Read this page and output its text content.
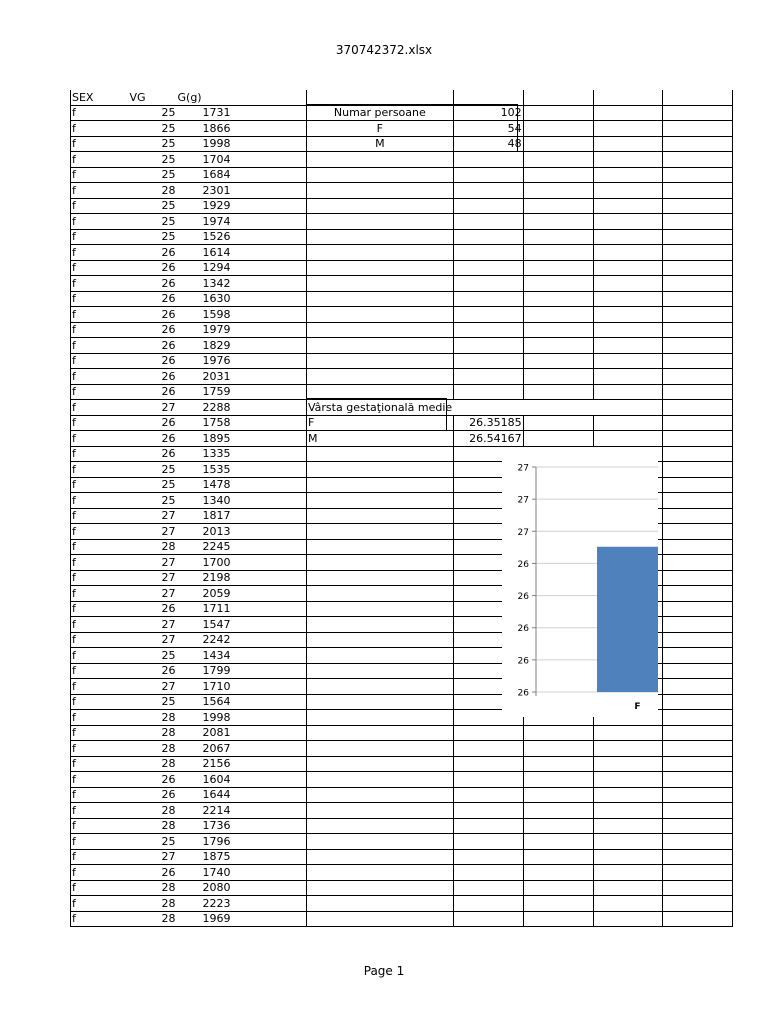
370742372.xlsx
SEX	VG	G(g)						
f	25	1731		Numar persoane	102			
f	25	1866		F	54			
f	25	1998		M	48			
f	25	1704						
f	25	1684						
f	28	2301						
f	25	1929						
f	25	1974						
f	25	1526						
f	26	1614						
f	26	1294						
f	26	1342						
f	26	1630						
f	26	1598						
f	26	1979						
f	26	1829						
f	26	1976						
f	26	2031						
f	26	1759						
f	27	2288		Vârsta gestaţională medie				
f	26	1758		F	26.35185			
f	26	1895		M	26.54167			
f	26	1335						
f	25	1535						
f	25	1478						
f	25	1340						
f	27	1817						
f	27	2013						
f	28	2245						
f	27	1700						
f	27	2198						
f	27	2059						
f	26	1711						
f	27	1547						
f	27	2242						
f	25	1434						
f	26	1799						
f	27	1710						
f	25	1564						
f	28	1998						
f	28	2081						
f	28	2067						
f	28	2156						
f	26	1604						
f	26	1644						
f	28	2214						
f	28	1736						
f	25	1796						
f	27	1875						
f	26	1740						
f	28	2080						
f	28	2223						
f	28	1969						
27
27
27
26
26
26
26
26
F
Page 1
